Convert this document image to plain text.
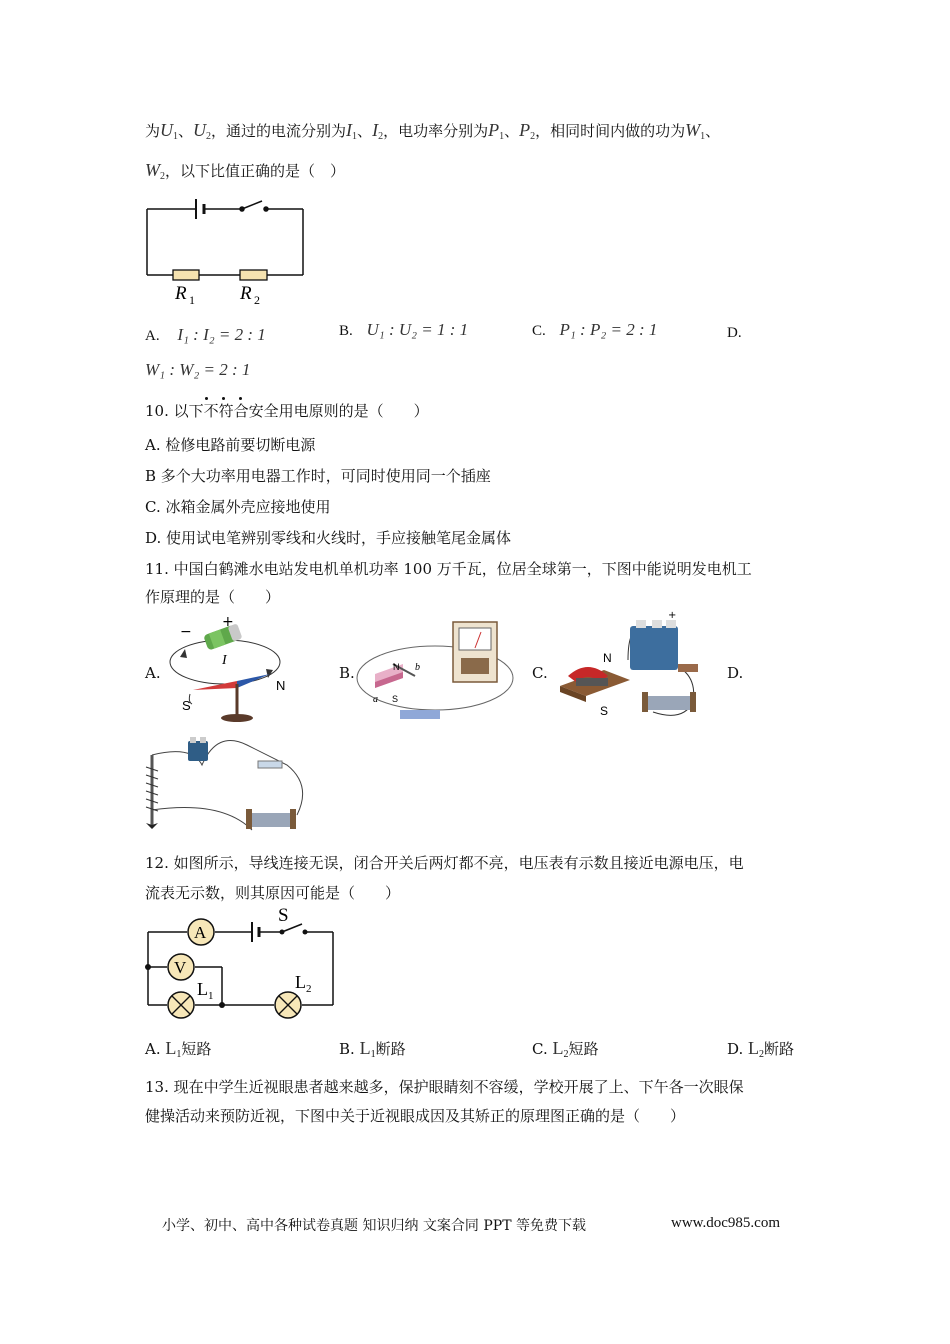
为$U_1$、$U_2$，通过的电流分别为$I_1$、$I_2$，电功率分别为$P_1$、$P_2$，相同时间内做的功为$W_1$、
$W_2$，以下比值正确的是（　）
R 1 R 2
A. I₁ : I₂ = 2 : 1	B. U₁ : U₂ = 1 : 1	C. P₁ : P₂ = 2 : 1	D.
W₁ : W₂ = 2 : 1
10. 以下不符合安全用电原则的是（　　）
A. 检修电路前要切断电源
B 多个大功率用电器工作时，可同时使用同一个插座
C. 冰箱金属外壳应接地使用
D. 使用试电笔辨别零线和火线时，手应接触笔尾金属体
11. 中国白鹤滩水电站发电机单机功率 100 万千瓦，位居全球第一，下图中能说明发电机工
作原理的是（　　）
A.	B.	C.	D.
−
+
I
N
S
N
S
b
a
+
N
S
12. 如图所示，导线连接无误，闭合开关后两灯都不亮，电压表有示数且接近电源电压，电
流表无示数，则其原因可能是（　　）
A
V
S
L 1
L 2
A. $L_1$短路	B. $L_1$断路	C. $L_2$短路	D. $L_2$断路
13. 现在中学生近视眼患者越来越多，保护眼睛刻不容缓，学校开展了上、下午各一次眼保
健操活动来预防近视，下图中关于近视眼成因及其矫正的原理图正确的是（　　）
小学、初中、高中各种试卷真题 知识归纳 文案合同 PPT 等免费下载	www.doc985.com
